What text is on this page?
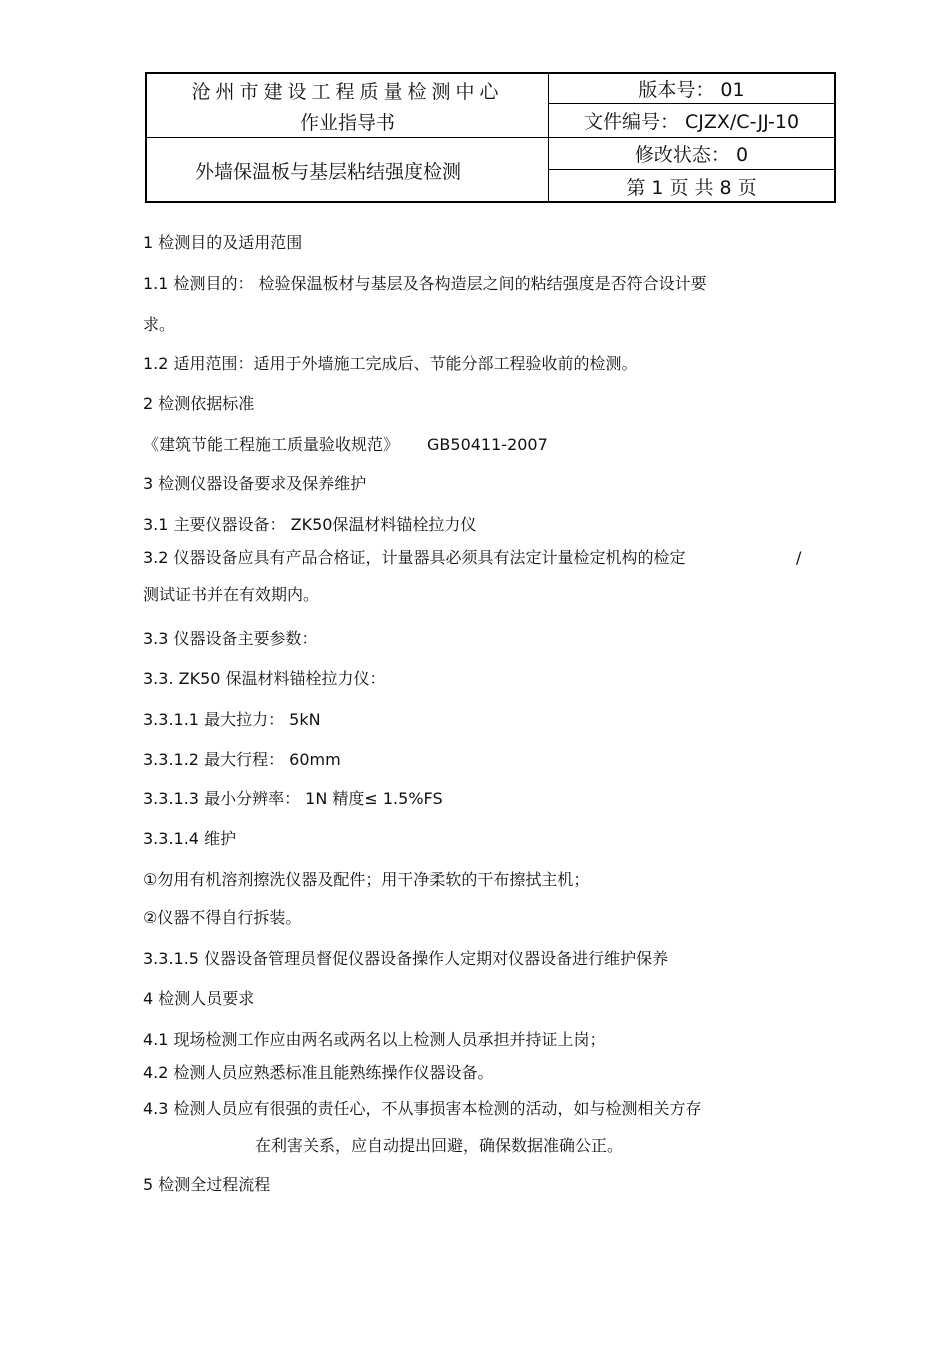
沧州市建设工程质量检测中心
作业指导书
外墙保温板与基层粘结强度检测
版本号： 01
文件编号： CJZX/C-JJ-10
修改状态： 0
第 1 页 共 8 页
1 检测目的及适用范围
1.1 检测目的： 检验保温板材与基层及各构造层之间的粘结强度是否符合设计要
求。
1.2 适用范围：适用于外墙施工完成后、节能分部工程验收前的检测。
2 检测依据标准
《建筑节能工程施工质量验收规范》 GB50411-2007
3 检测仪器设备要求及保养维护
3.1 主要仪器设备： ZK50保温材料锚栓拉力仪
3.2 仪器设备应具有产品合格证，计量器具必须具有法定计量检定机构的检定	/
测试证书并在有效期内。
3.3 仪器设备主要参数：
3.3. ZK50 保温材料锚栓拉力仪：
3.3.1.1 最大拉力： 5kN
3.3.1.2 最大行程： 60mm
3.3.1.3 最小分辨率： 1N 精度≤ 1.5%FS
3.3.1.4 维护
①勿用有机溶剂擦洗仪器及配件；用干净柔软的干布擦拭主机；
②仪器不得自行拆装。
3.3.1.5 仪器设备管理员督促仪器设备操作人定期对仪器设备进行维护保养
4 检测人员要求
4.1 现场检测工作应由两名或两名以上检测人员承担并持证上岗；
4.2 检测人员应熟悉标准且能熟练操作仪器设备。
4.3 检测人员应有很强的责任心，不从事损害本检测的活动，如与检测相关方存
在利害关系，应自动提出回避，确保数据准确公正。
5 检测全过程流程
